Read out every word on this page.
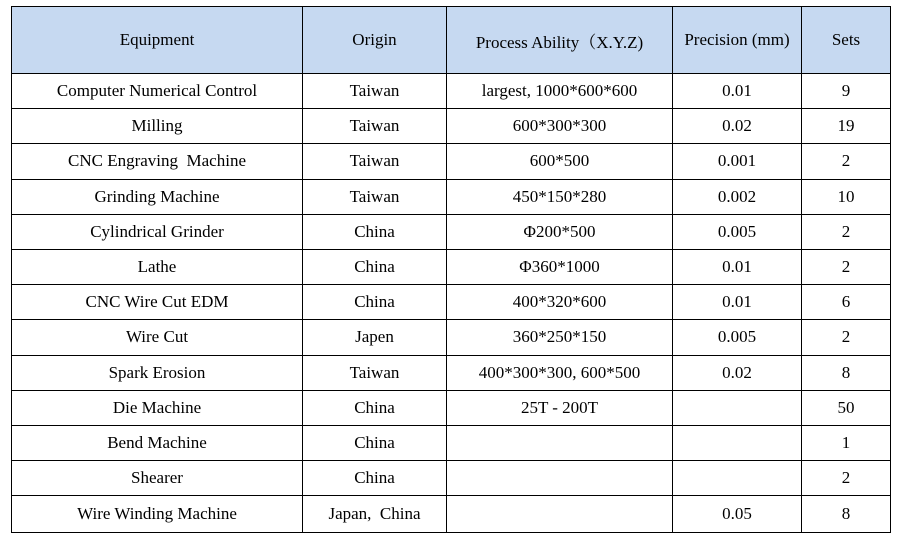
Equipment	Origin	Process Ability（X.Y.Z)	Precision (mm)	Sets
Computer Numerical Control	Taiwan	largest, 1000*600*600	0.01	9
Milling	Taiwan	600*300*300	0.02	19
CNC Engraving  Machine	Taiwan	600*500	0.001	2
Grinding Machine	Taiwan	450*150*280	0.002	10
Cylindrical Grinder	China	Φ200*500	0.005	2
Lathe	China	Φ360*1000	0.01	2
CNC Wire Cut EDM	China	400*320*600	0.01	6
Wire Cut	Japen	360*250*150	0.005	2
Spark Erosion	Taiwan	400*300*300, 600*500	0.02	8
Die Machine	China	25T - 200T		50
Bend Machine	China			1
Shearer	China			2
Wire Winding Machine	Japan,  China		0.05	8
